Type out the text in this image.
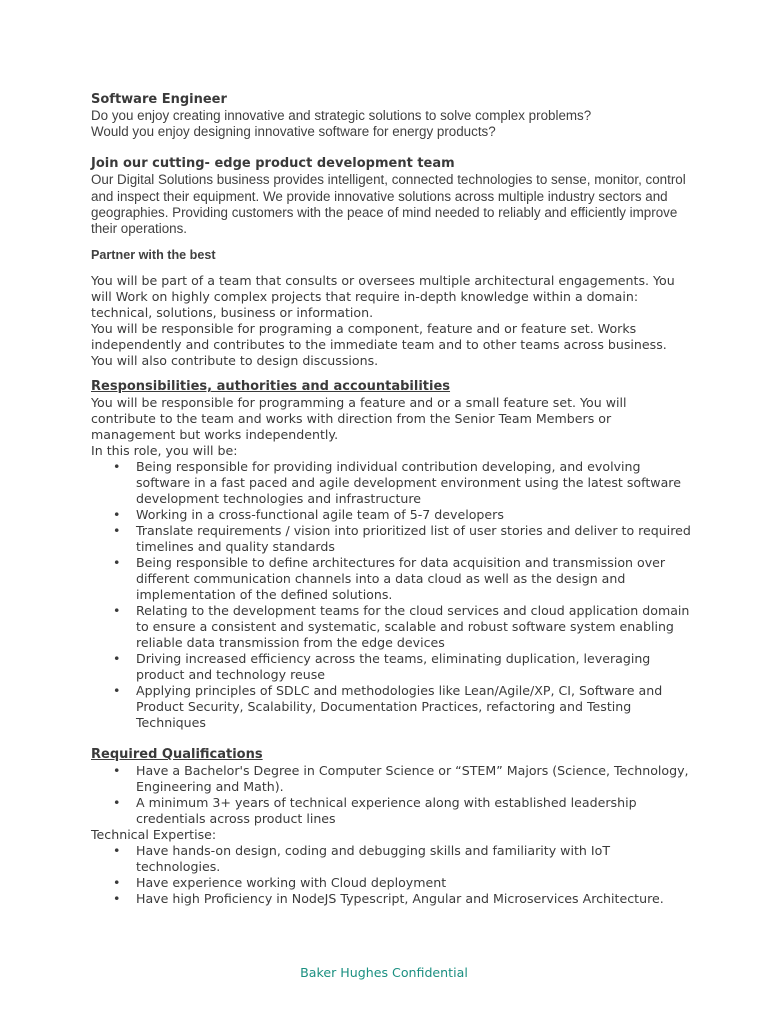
Software Engineer

Do you enjoy creating innovative and strategic solutions to solve complex problems?

Would you enjoy designing innovative software for energy products?

Join our cutting- edge product development team

Our Digital Solutions business provides intelligent, connected technologies to sense, monitor, control and inspect their equipment. We provide innovative solutions across multiple industry sectors and geographies. Providing customers with the peace of mind needed to reliably and efficiently improve their operations.

Partner with the best

You will be part of a team that consults or oversees multiple architectural engagements. You will Work on highly complex projects that require in-depth knowledge within a domain: technical, solutions, business or information.

You will be responsible for programing a component, feature and or feature set. Works independently and contributes to the immediate team and to other teams across business. You will also contribute to design discussions.

Responsibilities, authorities and accountabilities

You will be responsible for programming a feature and or a small feature set. You will contribute to the team and works with direction from the Senior Team Members or management but works independently.

In this role, you will be:

• Being responsible for providing individual contribution developing, and evolving software in a fast paced and agile development environment using the latest software development technologies and infrastructure
• Working in a cross-functional agile team of 5-7 developers
• Translate requirements / vision into prioritized list of user stories and deliver to required timelines and quality standards
• Being responsible to define architectures for data acquisition and transmission over different communication channels into a data cloud as well as the design and implementation of the defined solutions.
• Relating to the development teams for the cloud services and cloud application domain to ensure a consistent and systematic, scalable and robust software system enabling reliable data transmission from the edge devices
• Driving increased efficiency across the teams, eliminating duplication, leveraging product and technology reuse
• Applying principles of SDLC and methodologies like Lean/Agile/XP, CI, Software and Product Security, Scalability, Documentation Practices, refactoring and Testing Techniques
Required Qualifications
• Have a Bachelor's Degree in Computer Science or “STEM” Majors (Science, Technology, Engineering and Math).
• A minimum 3+ years of technical experience along with established leadership credentials across product lines

Technical Expertise:

• Have hands-on design, coding and debugging skills and familiarity with IoT technologies.
• Have experience working with Cloud deployment
• Have high Proficiency in NodeJS Typescript, Angular and Microservices Architecture.
Baker Hughes Confidential
